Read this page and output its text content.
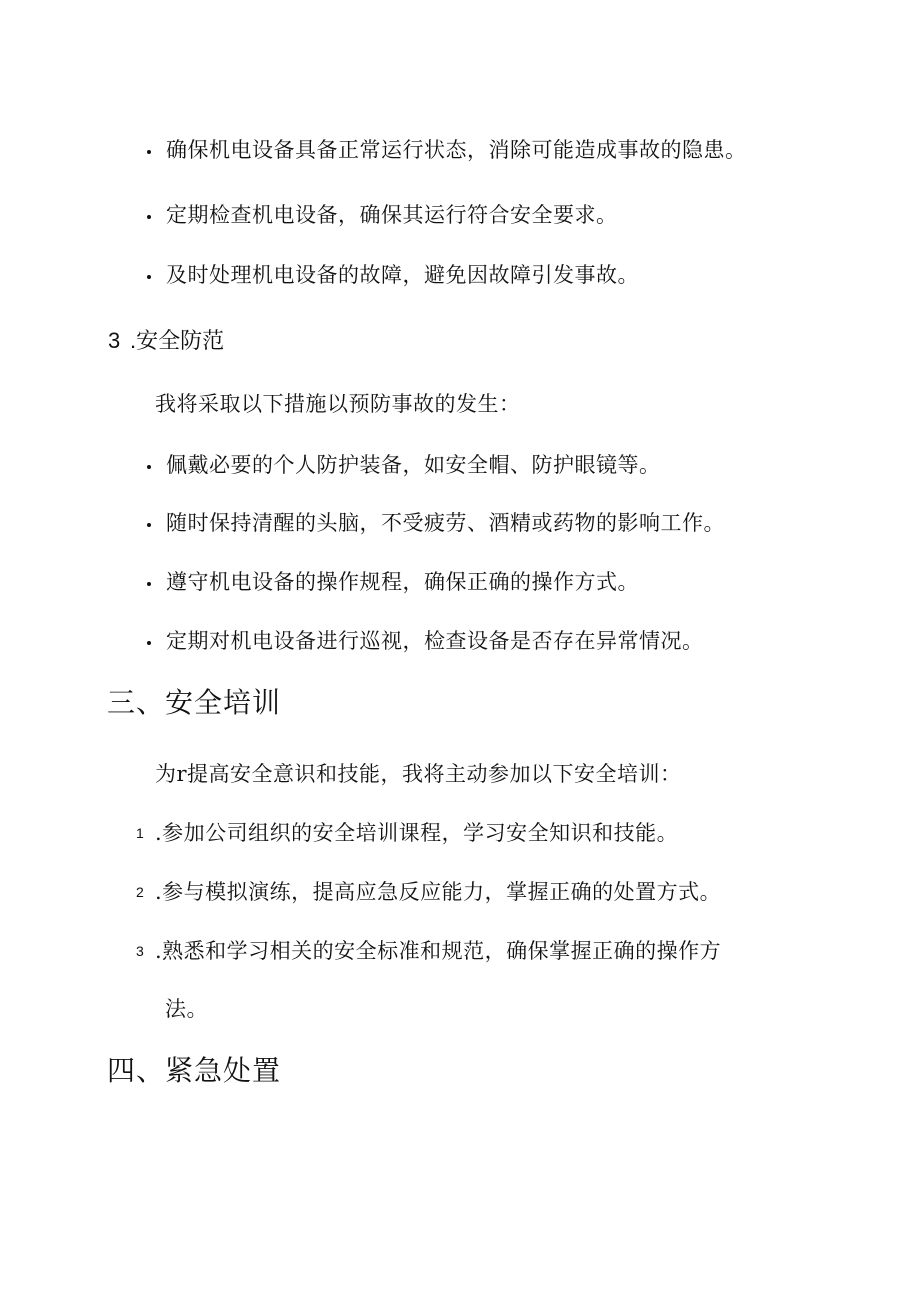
确保机电设备具备正常运行状态，消除可能造成事故的隐患。
定期检查机电设备，确保其运行符合安全要求。
及时处理机电设备的故障，避免因故障引发事故。
3 .安全防范
我将采取以下措施以预防事故的发生：
佩戴必要的个人防护装备，如安全帽、防护眼镜等。
随时保持清醒的头脑，不受疲劳、酒精或药物的影响工作。
遵守机电设备的操作规程，确保正确的操作方式。
定期对机电设备进行巡视，检查设备是否存在异常情况。
三、安全培训
为r提高安全意识和技能，我将主动参加以下安全培训：
1 .参加公司组织的安全培训课程，学习安全知识和技能。
2 .参与模拟演练，提高应急反应能力，掌握正确的处置方式。
3 .熟悉和学习相关的安全标准和规范，确保掌握正确的操作方
法。
四、紧急处置
